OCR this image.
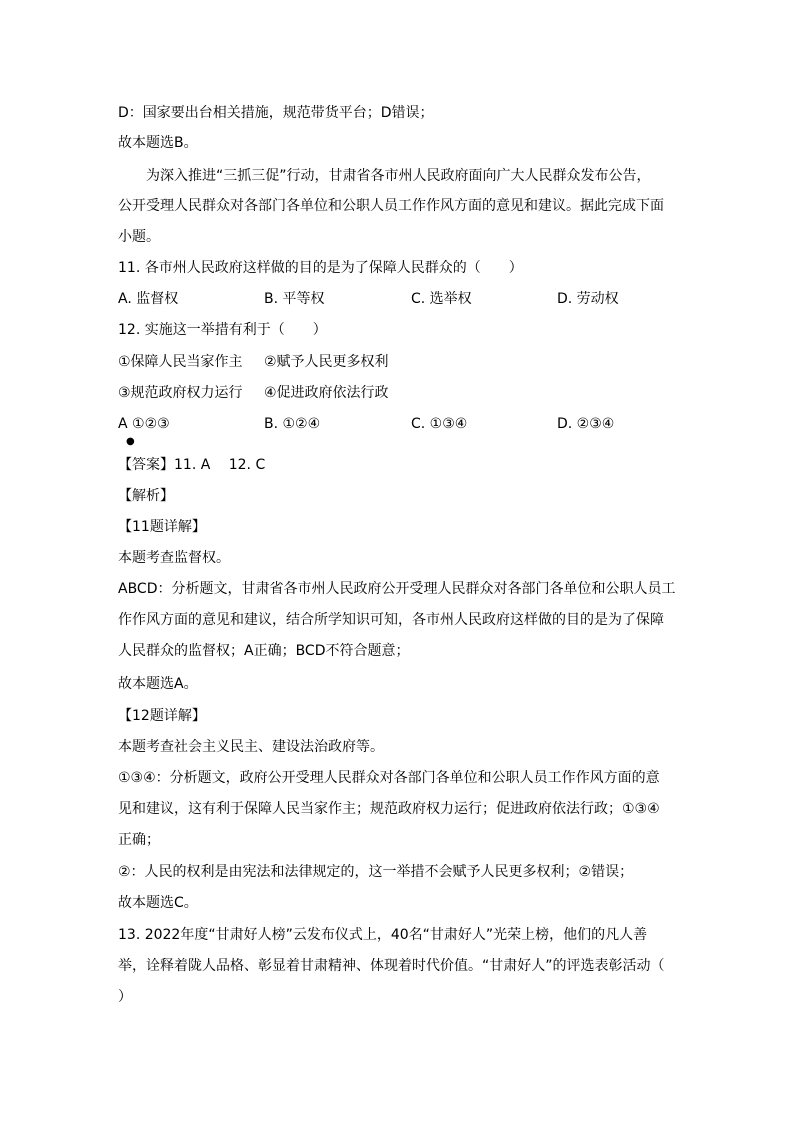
D：国家要出台相关措施，规范带货平台；D错误；
故本题选B。
为深入推进“三抓三促”行动，甘肃省各市州人民政府面向广大人民群众发布公告，
公开受理人民群众对各部门各单位和公职人员工作作风方面的意见和建议。据此完成下面
小题。
11. 各市州人民政府这样做的目的是为了保障人民群众的（　　）
A. 监督权	B. 平等权	C. 选举权	D. 劳动权
12. 实施这一举措有利于（　　）
①保障人民当家作主 ②赋予人民更多权利
③规范政府权力运行 ④促进政府依法行政
A ①②③
●
B. ①②④	C. ①③④	D. ②③④
【答案】11. A　 12. C
【解析】
【11题详解】
本题考查监督权。
ABCD：分析题文，甘肃省各市州人民政府公开受理人民群众对各部门各单位和公职人员工
作作风方面的意见和建议，结合所学知识可知，各市州人民政府这样做的目的是为了保障
人民群众的监督权；A正确；BCD不符合题意；
故本题选A。
【12题详解】
本题考查社会主义民主、建设法治政府等。
①③④：分析题文，政府公开受理人民群众对各部门各单位和公职人员工作作风方面的意
见和建议，这有利于保障人民当家作主；规范政府权力运行；促进政府依法行政；①③④
正确；
②：人民的权利是由宪法和法律规定的，这一举措不会赋予人民更多权利；②错误；
故本题选C。
13. 2022年度“甘肃好人榜”云发布仪式上，40名“甘肃好人”光荣上榜，他们的凡人善
举，诠释着陇人品格、彰显着甘肃精神、体现着时代价值。“甘肃好人”的评选表彰活动（
）
